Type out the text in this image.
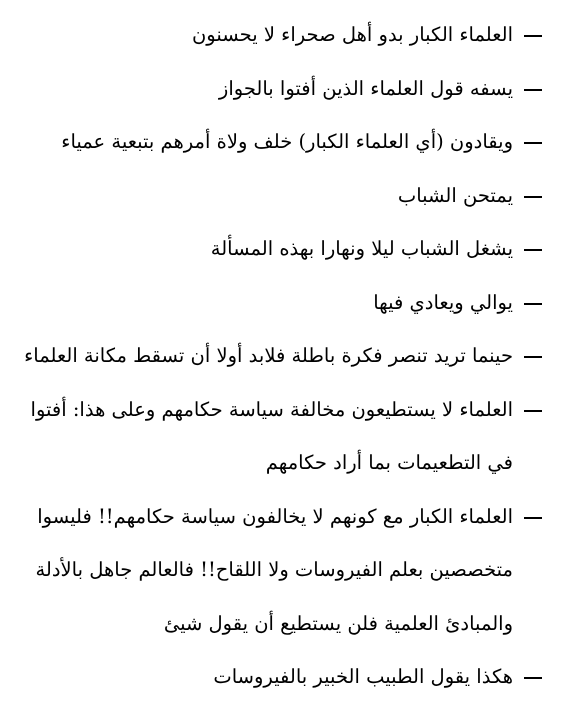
العلماء الكبار بدو أهل صحراء لا يحسنون
يسفه قول العلماء الذين أفتوا بالجواز
ويقادون (أي العلماء الكبار) خلف ولاة أمرهم بتبعية عمياء
يمتحن الشباب
يشغل الشباب ليلا ونهارا بهذه المسألة
يوالي ويعادي فيها
حينما تريد تنصر فكرة باطلة فلابد أولا أن تسقط مكانة العلماء
العلماء لا يستطيعون مخالفة سياسة حكامهم وعلى هذا: أفتوا في التطعيمات بما أراد حكامهم
العلماء الكبار مع كونهم لا يخالفون سياسة حكامهم!! فليسوا متخصصين بعلم الفيروسات ولا اللقاح!! فالعالم جاهل بالأدلة والمبادئ العلمية فلن يستطيع أن يقول شيئ
هكذا يقول الطبيب الخبير بالفيروسات
